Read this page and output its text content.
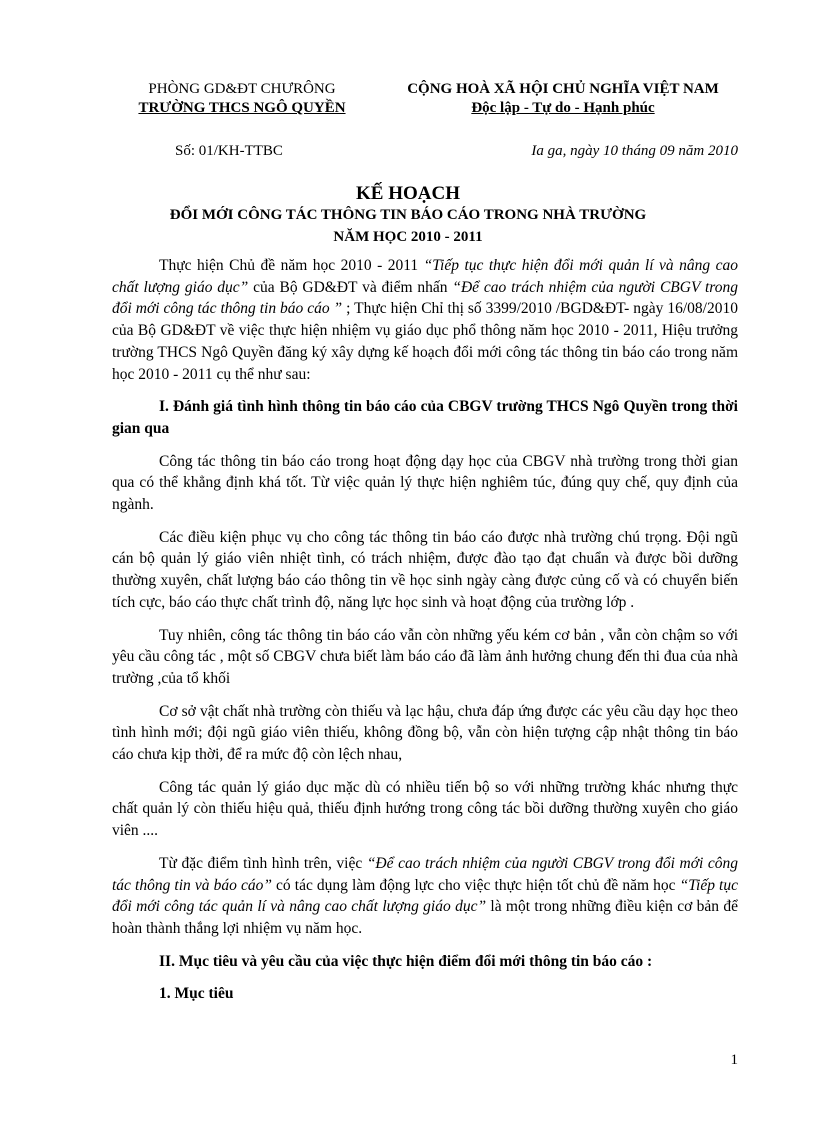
PHÒNG GD&ĐT CHƯRÔNG
TRƯỜNG THCS NGÔ QUYỀN
CỘNG HOÀ XÃ HỘI CHỦ NGHĨA VIỆT NAM
Độc lập - Tự do - Hạnh phúc
Số: 01/KH-TTBC	Ia ga, ngày 10 tháng 09 năm 2010
KẾ HOẠCH
ĐỔI MỚI CÔNG TÁC THÔNG TIN BÁO CÁO TRONG NHÀ TRƯỜNG
NĂM HỌC 2010 - 2011

Thực hiện Chủ đề năm học 2010 - 2011 “Tiếp tục thực hiện đổi mới quản lí và nâng cao chất lượng giáo dục” của Bộ GD&ĐT và điểm nhấn “Để cao trách nhiệm của người CBGV trong đổi mới công tác thông tin báo cáo ” ; Thực hiện Chỉ thị số 3399/2010 /BGD&ĐT- ngày 16/08/2010 của Bộ GD&ĐT về việc thực hiện nhiệm vụ giáo dục phổ thông năm học 2010 - 2011, Hiệu trưởng trường THCS Ngô Quyền đăng ký xây dựng kế hoạch đổi mới công tác thông tin báo cáo trong năm học 2010 - 2011 cụ thể như sau:

I. Đánh giá tình hình thông tin báo cáo của CBGV trường THCS Ngô Quyền trong thời gian qua

Công tác thông tin báo cáo trong hoạt động dạy học của CBGV nhà trường trong thời gian qua có thể khẳng định khá tốt. Từ việc quản lý thực hiện nghiêm túc, đúng quy chế, quy định của ngành.

Các điều kiện phục vụ cho công tác thông tin báo cáo được nhà trường chú trọng. Đội ngũ cán bộ quản lý giáo viên nhiệt tình, có trách nhiệm, được đào tạo đạt chuẩn và được bồi dưỡng thường xuyên, chất lượng báo cáo thông tin về học sinh ngày càng được củng cố và có chuyển biến tích cực, báo cáo thực chất trình độ, năng lực học sinh và hoạt động của trường lớp .

Tuy nhiên, công tác thông tin báo cáo vẫn còn những yếu kém cơ bản , vẫn còn chậm so với yêu cầu công tác , một số CBGV chưa biết làm báo cáo đã làm ảnh hưởng chung đến thi đua của nhà trường ,của tổ khối

Cơ sở vật chất nhà trường còn thiếu và lạc hậu, chưa đáp ứng được các yêu cầu dạy học theo tình hình mới; đội ngũ giáo viên thiếu, không đồng bộ, vẫn còn hiện tượng cập nhật thông tin báo cáo chưa kịp thời, để ra mức độ còn lệch nhau,

Công tác quản lý giáo dục mặc dù có nhiều tiến bộ so với những trường khác nhưng thực chất quản lý còn thiếu hiệu quả, thiếu định hướng trong công tác bồi dưỡng thường xuyên cho giáo viên ....

Từ đặc điểm tình hình trên, việc “Để cao trách nhiệm của người CBGV trong đổi mới công tác thông tin và báo cáo” có tác dụng làm động lực cho việc thực hiện tốt chủ đề năm học “Tiếp tục đổi mới công tác quản lí và nâng cao chất lượng giáo dục” là một trong những điều kiện cơ bản để hoàn thành thắng lợi nhiệm vụ năm học.

II. Mục tiêu và yêu cầu của việc thực hiện điểm đổi mới thông tin báo cáo :

1. Mục tiêu

1
